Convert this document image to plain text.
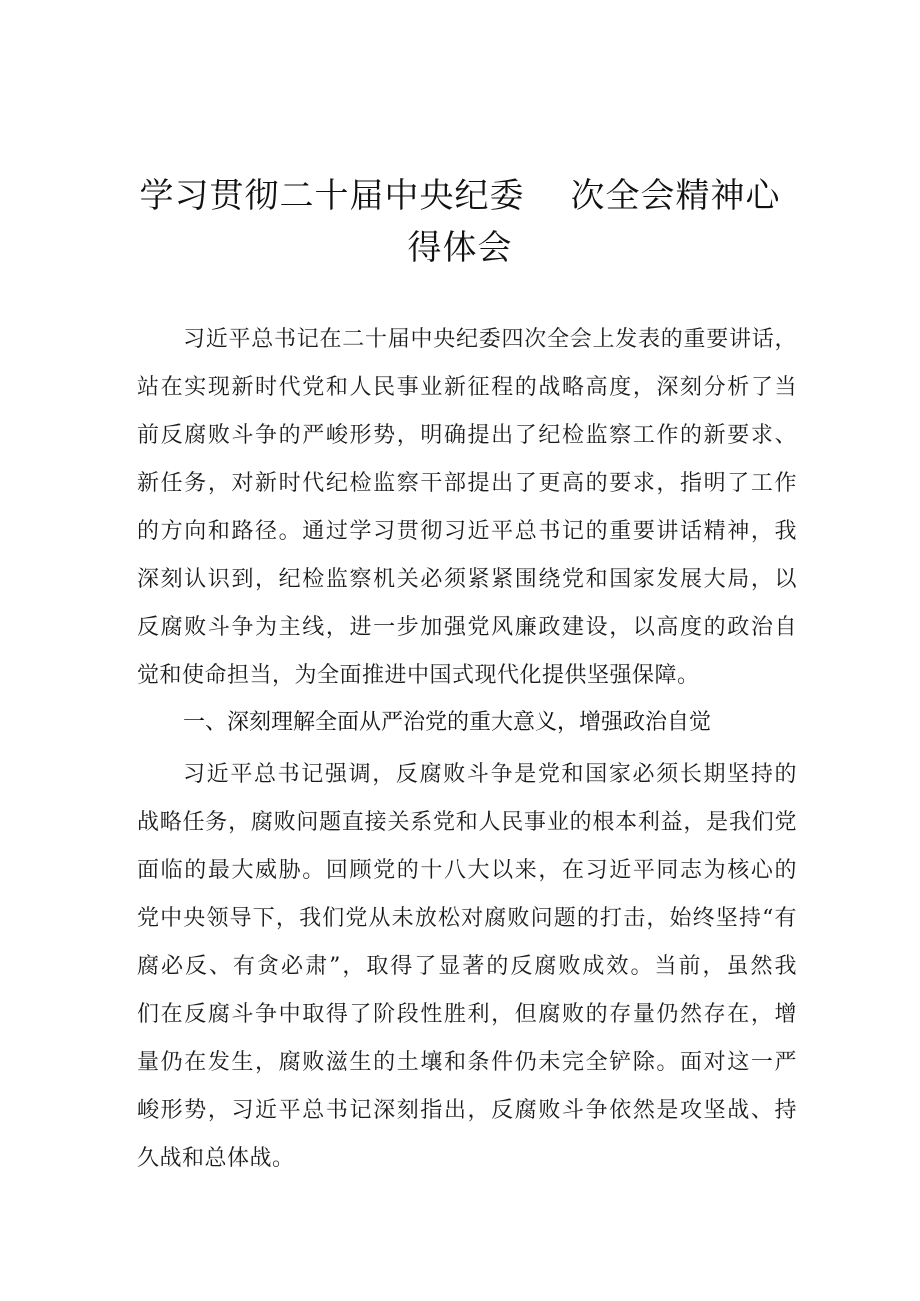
学习贯彻二十届中央纪委 次全会精神心
得体会
习近平总书记在二十届中央纪委四次全会上发表的重要讲话，
站在实现新时代党和人民事业新征程的战略高度，深刻分析了当
前反腐败斗争的严峻形势，明确提出了纪检监察工作的新要求、
新任务，对新时代纪检监察干部提出了更高的要求，指明了工作
的方向和路径。通过学习贯彻习近平总书记的重要讲话精神，我
深刻认识到，纪检监察机关必须紧紧围绕党和国家发展大局，以
反腐败斗争为主线，进一步加强党风廉政建设，以高度的政治自
觉和使命担当，为全面推进中国式现代化提供坚强保障。
一、深刻理解全面从严治党的重大意义，增强政治自觉
习近平总书记强调，反腐败斗争是党和国家必须长期坚持的
战略任务，腐败问题直接关系党和人民事业的根本利益，是我们党
面临的最大威胁。回顾党的十八大以来，在习近平同志为核心的
党中央领导下，我们党从未放松对腐败问题的打击，始终坚持“有
腐必反、有贪必肃”，取得了显著的反腐败成效。当前，虽然我
们在反腐斗争中取得了阶段性胜利，但腐败的存量仍然存在，增
量仍在发生，腐败滋生的土壤和条件仍未完全铲除。面对这一严
峻形势，习近平总书记深刻指出，反腐败斗争依然是攻坚战、持
久战和总体战。
